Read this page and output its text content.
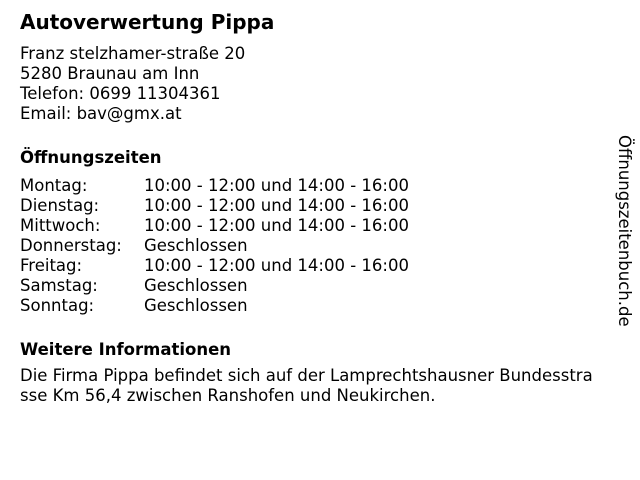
Autoverwertung Pippa
Franz stelzhamer-straße 20
5280 Braunau am Inn
Telefon: 0699 11304361
Email: bav@gmx.at
Öffnungszeiten
Montag:	10:00 - 12:00 und 14:00 - 16:00
Dienstag:	10:00 - 12:00 und 14:00 - 16:00
Mittwoch:	10:00 - 12:00 und 14:00 - 16:00
Donnerstag:	Geschlossen
Freitag:	10:00 - 12:00 und 14:00 - 16:00
Samstag:	Geschlossen
Sonntag:	Geschlossen
Weitere Informationen
Die Firma Pippa befindet sich auf der Lamprechtshausner Bundesstrasse Km 56,4 zwischen Ranshofen und Neukirchen.
Öffnungszeitenbuch.de
